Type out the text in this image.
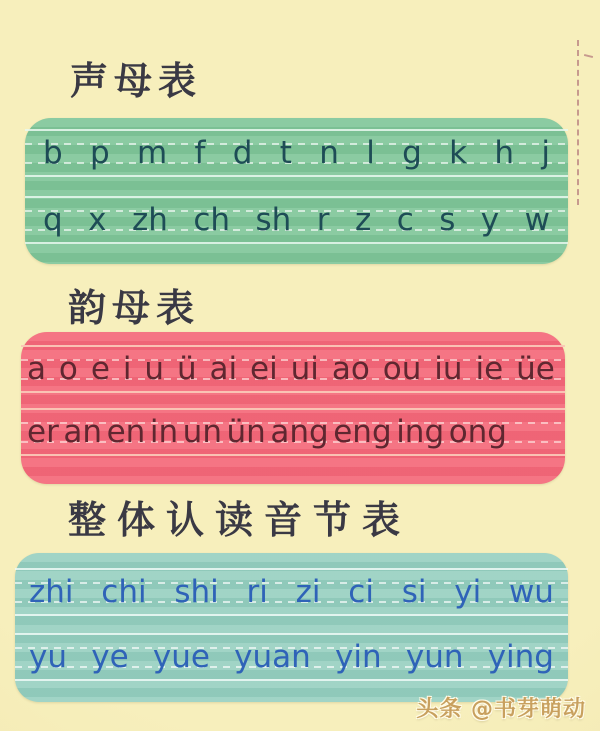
声母表
b p m f d t n l g k h j
q x zh ch sh r z c s y w
韵母表
a o e i u ü ai ei ui ao ou iu ie üe
er an en in un ün ang eng ing ong
整体认读音节表
zhi chi shi ri zi ci si yi wu
yu ye yue yuan yin yun ying
头条 @书芽萌动
